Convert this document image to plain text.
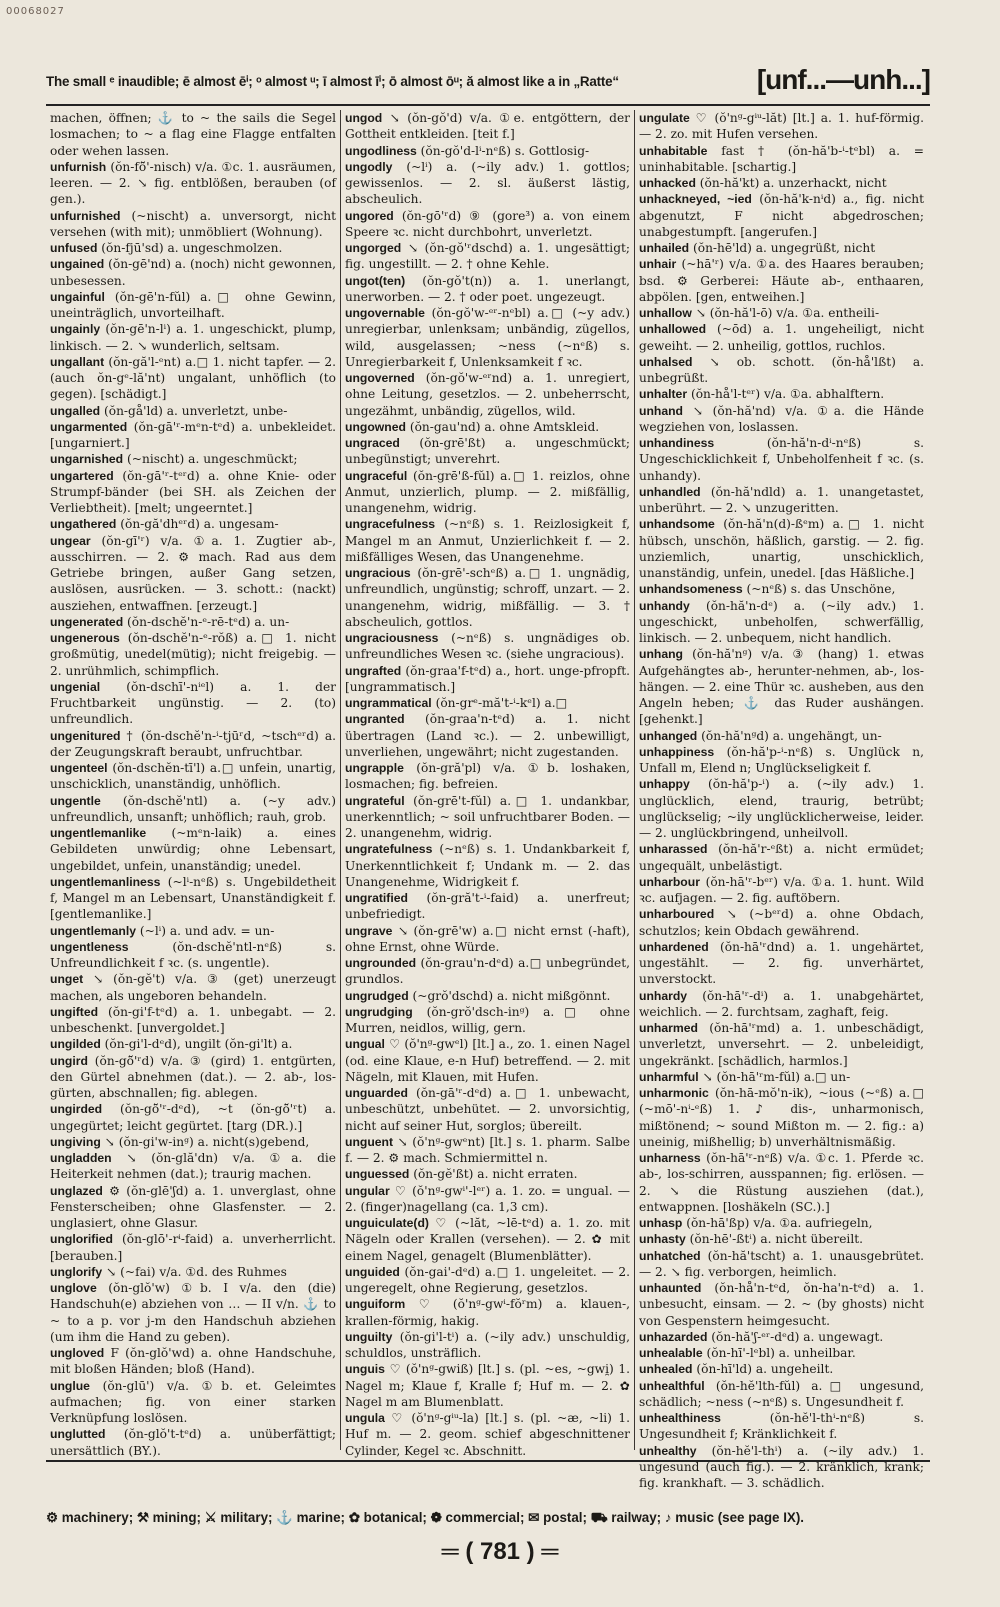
00068027
The small ᵉ inaudible; ē almost ēⁱ; ᵒ almost ᵘ; ī almost īⁱ; ō almost ōᵘ; ă almost like a in „Ratte“	[unf...—unh...]

machen, öffnen; ⚓ to ~ the sails die Segel losmachen; to ~ a flag eine Flagge entfalten oder wehen lassen.

unfurnish (ŏn-fö̆'-nisch) v/a. ①c. 1. ausräumen, leeren. — 2. ↘ fig. entblößen, berauben (of gen.).

unfurnished (~nischt) a. unversorgt, nicht versehen (with mit); unmöbliert (Wohnung).

unfused (ŏn-fjū'sd) a. ungeschmolzen.

ungained (ŏn-gē'nd) a. (noch) nicht gewonnen, unbesessen.

ungainful (ŏn-gē'n-fŭl) a.□ ohne Gewinn, uneinträglich, unvorteilhaft.

ungainly (ŏn-gē'n-lⁱ) a. 1. ungeschickt, plump, linkisch. — 2. ↘ wunderlich, seltsam.

ungallant (ŏn-gă'l-ᵉnt) a.□ 1. nicht tapfer. — 2. (auch ŏn-gᵉ-lă'nt) ungalant, unhöflich (to gegen). [schädigt.]

ungalled (ŏn-gå'ld) a. unverletzt, unbe-

ungarmented (ŏn-gā'ʳ-mᵉn-tᵉd) a. unbekleidet. [ungarniert.]

ungarnished (~nischt) a. ungeschmückt;

ungartered (ŏn-gā'ʳ-tᵉʳd) a. ohne Knie- oder Strumpf-bänder (bei SH. als Zeichen der Verliebtheit). [melt; ungeerntet.]

ungathered (ŏn-gă'dhᵉʳd) a. ungesam-

ungear (ŏn-gī'ʳ) v/a. ①a. 1. Zugtier ab-, ausschirren. — 2. ⚙ mach. Rad aus dem Getriebe bringen, außer Gang setzen, auslösen, ausrücken. — 3. schott.: (nackt) ausziehen, entwaffnen. [erzeugt.]

ungenerated (ŏn-dschĕ'n-ᵉ-rē-tᵉd) a. un-

ungenerous (ŏn-dschĕ'n-ᵉ-rŏß) a.□ 1. nicht großmütig, unedel(mütig); nicht freigebig. — 2. unrühmlich, schimpflich.

ungenial (ŏn-dschī'-nⁱᵉl) a. 1. der Fruchtbarkeit ungünstig. — 2. (to) unfreundlich.

ungenitured † (ŏn-dschĕ'n-ⁱ-tjūʳd, ~tschᵉʳd) a. der Zeugungskraft beraubt, unfruchtbar.

ungenteel (ŏn-dschĕn-tī'l) a.□ unfein, unartig, unschicklich, unanständig, unhöflich.

ungentle (ŏn-dschĕ'ntl) a. (~y adv.) unfreundlich, unsanft; unhöflich; rauh, grob.

ungentlemanlike (~mᵉn-laik) a. eines Gebildeten unwürdig; ohne Lebensart, ungebildet, unfein, unanständig; unedel.

ungentlemanliness (~lⁱ-nᵉß) s. Ungebildetheit f, Mangel m an Lebensart, Unanständigkeit f. [gentlemanlike.]

ungentlemanly (~lⁱ) a. und adv. = un-

ungentleness	(ŏn-dschĕ'ntl-nᵉß) s. Unfreundlichkeit f ꝛc. (s. ungentle).

unget ↘ (ŏn-gĕ't) v/a. ③ (get) unerzeugt machen, als ungeboren behandeln.

ungifted (ŏn-gi'f-tᵉd) a. 1. unbegabt. — 2. unbeschenkt. [unvergoldet.]

ungilded (ŏn-gi'l-dᵉd), ungilt (ŏn-gi'lt) a.

ungird (ŏn-gö̆'ʳd) v/a. ③ (gird) 1. entgürten, den Gürtel abnehmen (dat.). — 2. ab-, los-gürten, abschnallen; fig. ablegen.

ungirded (ŏn-gö̆'ʳ-dᵉd), ~t (ŏn-gö̆'ʳt) a. ungegürtet; leicht gegürtet. [targ (DR.).]

ungiving ↘ (ŏn-gi'w-inᵍ) a. nicht(s)gebend,

ungladden ↘ (ŏn-glă'dn) v/a. ①a. die Heiterkeit nehmen (dat.); traurig machen.

unglazed ⚙ (ŏn-glē'ʃd) a. 1. unverglast, ohne Fensterscheiben; ohne Glasfenster. — 2. unglasiert, ohne Glasur.

unglorified (ŏn-glō'-rⁱ-faid) a. unverherrlicht. [berauben.]

unglorify ↘ (~fai) v/a. ①d. des Ruhmes

unglove (ŏn-glŏ'w) ①b. I v/a. den (die) Handschuh(e) abziehen von … — II v/n. ⚓ to ~ to a p. vor j-m den Handschuh abziehen (um ihm die Hand zu geben).

ungloved F (ŏn-glŏ'wd) a. ohne Handschuhe, mit bloßen Händen; bloß (Hand).

unglue (ŏn-glū') v/a. ①b. et. Geleimtes aufmachen; fig. von einer starken Verknüpfung loslösen.

unglutted (ŏn-glŏ't-tᵉd) a. unüberfättigt; unersättlich (BY.).

ungod ↘ (ŏn-gŏ'd) v/a. ①e. entgöttern, der Gottheit entkleiden. [teit f.]

ungodliness (ŏn-gŏ'd-lⁱ-nᵉß) s. Gottlosig-

ungodly (~lⁱ) a. (~ily adv.) 1. gottlos; gewissenlos. — 2. sl. äußerst lästig, abscheulich.

ungored (ŏn-gō'ʳd) ⑨ (gore³) a. von einem Speere ꝛc. nicht durchbohrt, unverletzt.

ungorged ↘ (ŏn-gŏ'ʳdschd) a. 1. ungesättigt; fig. ungestillt. — 2. † ohne Kehle.

ungot(ten) (ŏn-gŏ't(n)) a. 1. unerlangt, unerworben. — 2. † oder poet. ungezeugt.

ungovernable (ŏn-gŏ'w-ᵉʳ-nᵉbl) a.□ (~y adv.) unregierbar, unlenksam; unbändig, zügellos, wild, ausgelassen; ~ness (~nᵉß) s. Unregierbarkeit f, Unlenksamkeit f ꝛc.

ungoverned (ŏn-gŏ'w-ᵉʳnd) a. 1. unregiert, ohne Leitung, gesetzlos. — 2. unbeherrscht, ungezähmt, unbändig, zügellos, wild.

ungowned (ŏn-gau'nd) a. ohne Amtskleid.

ungraced (ŏn-grē'ßt) a. ungeschmückt; unbegünstigt; unverehrt.

ungraceful (ŏn-grē'ß-fŭl) a.□ 1. reizlos, ohne Anmut, unzierlich, plump. — 2. mißfällig, unangenehm, widrig.

ungracefulness (~nᵉß) s. 1. Reizlosigkeit f, Mangel m an Anmut, Unzierlichkeit f. — 2. mißfälliges Wesen, das Unangenehme.

ungracious (ŏn-grē'-schᵉß) a.□ 1. ungnädig, unfreundlich, ungünstig; schroff, unzart. — 2. unangenehm, widrig, mißfällig. — 3. † abscheulich, gottlos.

ungraciousness (~nᵉß) s. ungnädiges ob. unfreundliches Wesen ꝛc. (siehe ungracious).

ungrafted (ŏn-graa'f-tᵉd) a., hort. unge-pfropft. [ungrammatisch.]

ungrammatical (ŏn-grᵉ-mă't-ⁱ-kᵉl) a.□

ungranted (ŏn-graa'n-tᵉd) a. 1. nicht übertragen (Land ꝛc.). — 2. unbewilligt, unverliehen, ungewährt; nicht zugestanden.

ungrapple (ŏn-gră'pl) v/a. ①b. loshaken, losmachen; fig. befreien.

ungrateful (ŏn-grē't-fŭl) a.□ 1. undankbar, unerkenntlich; ~ soil unfruchtbarer Boden. — 2. unangenehm, widrig.

ungratefulness (~nᵉß) s. 1. Undankbarkeit f, Unerkenntlichkeit f; Undank m. — 2. das Unangenehme, Widrigkeit f.

ungratified (ŏn-gră't-ⁱ-faid) a. unerfreut; unbefriedigt.

ungrave ↘ (ŏn-grē'w) a.□ nicht ernst (-haft), ohne Ernst, ohne Würde.

ungrounded (ŏn-grau'n-dᵉd) a.□ unbegründet, grundlos.

ungrudged (~grŏ'dschd) a. nicht mißgönnt.

ungrudging (ŏn-grŏ'dsch-inᵍ) a.□ ohne Murren, neidlos, willig, gern.

ungual ♡ (ŏ'nᵍ-gwᵉl) [lt.] a., zo. 1. einen Nagel (od. eine Klaue, e-n Huf) betreffend. — 2. mit Nägeln, mit Klauen, mit Hufen.

unguarded (ŏn-gā'ʳ-dᵉd) a.□ 1. unbewacht, unbeschützt, unbehütet. — 2. unvorsichtig, nicht auf seiner Hut, sorglos; übereilt.

unguent ↘ (ŏ'nᵍ-gwᵉnt) [lt.] s. 1. pharm. Salbe f. — 2. ⚙ mach. Schmiermittel n.

unguessed (ŏn-gĕ'ßt) a. nicht erraten.

ungular ♡ (ŏ'nᵍ-gwⁱ'-lᵉʳ) a. 1. zo. = ungual. — 2. (finger)nagellang (ca. 1,3 cm).

unguiculate(d) ♡ (~lăt, ~lē-tᵉd) a. 1. zo. mit Nägeln oder Krallen (versehen). — 2. ✿ mit einem Nagel, genagelt (Blumenblätter).

unguided (ŏn-gai'-dᵉd) a.□ 1. ungeleitet. — 2. ungeregelt, ohne Regierung, gesetzlos.

unguiform ♡ (ŏ'nᵍ-gwⁱ-fŏʳm) a. klauen-, krallen-förmig, hakig.

unguilty (ŏn-gi'l-tⁱ) a. (~ily adv.) unschuldig, schuldlos, unsträflich.

unguis ♡ (ŏ'nᵍ-gwiß) [lt.] s. (pl. ~es, ~gwi̯) 1. Nagel m; Klaue f, Kralle f; Huf m. — 2. ✿ Nagel m am Blumenblatt.

ungula ♡ (ŏ'nᵍ-gⁱᵘ-la) [lt.] s. (pl. ~æ, ~li) 1. Huf m. — 2. geom. schief abgeschnittener Cylinder, Kegel ꝛc. Abschnitt.

ungulate ♡ (ŏ'nᵍ-gⁱᵘ-lăt) [lt.] a. 1. huf-förmig. — 2. zo. mit Hufen versehen.

unhabitable fast † (ŏn-hă'b-ⁱ-tᵉbl) a. = uninhabitable. [schartig.]

unhacked (ŏn-hă'kt) a. unzerhackt, nicht

unhackneyed, ~ied (ŏn-hă'k-nⁱd) a., fig. nicht abgenutzt, F nicht abgedroschen; unabgestumpft. [angerufen.]

unhailed (ŏn-hē'ld) a. ungegrüßt, nicht

unhair (~hā'ʳ) v/a. ①a. des Haares berauben; bsd. ⚙ Gerberei: Häute ab-, enthaaren, abpölen. [gen, entweihen.]

unhallow ↘ (ŏn-hă'l-ō) v/a. ①a. entheili-

unhallowed (~ōd) a. 1. ungeheiligt, nicht geweiht. — 2. unheilig, gottlos, ruchlos.

unhalsed ↘ ob. schott. (ŏn-hå'lßt) a. unbegrüßt.

unhalter (ŏn-hå'l-tᵉʳ) v/a. ①a. abhalftern.

unhand ↘ (ŏn-hă'nd) v/a. ①a. die Hände wegziehen von, loslassen.

unhandiness	(ŏn-hă'n-dⁱ-nᵉß) s. Ungeschicklichkeit f, Unbeholfenheit f ꝛc. (s. unhandy).

unhandled (ŏn-hă'ndld) a. 1. unangetastet, unberührt. — 2. ↘ unzugeritten.

unhandsome (ŏn-hă'n(d)-ßᵉm) a.□ 1. nicht hübsch, unschön, häßlich, garstig. — 2. fig. unziemlich, unartig, unschicklich, unanständig, unfein, unedel. [das Häßliche.]

unhandsomeness (~nᵉß) s. das Unschöne,

unhandy (ŏn-hă'n-dᵉ) a. (~ily adv.) 1. ungeschickt, unbeholfen, schwerfällig, linkisch. — 2. unbequem, nicht handlich.

unhang (ŏn-hă'nᵍ) v/a. ③ (hang) 1. etwas Aufgehängtes ab-, herunter-nehmen, ab-, los-hängen. — 2. eine Thür ꝛc. ausheben, aus den Angeln heben; ⚓ das Ruder aushängen. [gehenkt.]

unhanged (ŏn-hă'nᵍd) a. ungehängt, un-

unhappiness (ŏn-hă'p-ⁱ-nᵉß) s. Unglück n, Unfall m, Elend n; Unglückseligkeit f.

unhappy (ŏn-hă'p-ⁱ) a. (~ily adv.) 1. unglücklich, elend, traurig, betrübt; unglückselig; ~ily unglücklicherweise, leider. — 2. unglückbringend, unheilvoll.

unharassed (ŏn-hă'r-ᵉßt) a. nicht ermüdet; ungequält, unbelästigt.

unharbour (ŏn-hā'ʳ-bᵉʳ) v/a. ①a. 1. hunt. Wild ꝛc. aufjagen. — 2. fig. auftöbern.

unharboured ↘ (~bᵉʳd) a. ohne Obdach, schutzlos; kein Obdach gewährend.

unhardened (ŏn-hā'ʳdnd) a. 1. ungehärtet, ungestählt. — 2. fig. unverhärtet, unverstockt.

unhardy (ŏn-hā'ʳ-dⁱ) a. 1. unabgehärtet, weichlich. — 2. furchtsam, zaghaft, feig.

unharmed (ŏn-hā'ʳmd) a. 1. unbeschädigt, unverletzt, unversehrt. — 2. unbeleidigt, ungekränkt. [schädlich, harmlos.]

unharmful ↘ (ŏn-hā'ʳm-fŭl) a.□ un-

unharmonic (ŏn-hā-mŏ'n-ik), ~ious (~ᵉß) a.□ (~mō'-nⁱ-ᵉß) 1. ♪ dis-, unharmonisch, mißtönend; ~ sound Mißton m. — 2. fig.: a) uneinig, mißhellig; b) unverhältnismäßig.

unharness (ŏn-hā'ʳ-nᵉß) v/a. ①c. 1. Pferde ꝛc. ab-, los-schirren, ausspannen; fig. erlösen. — 2. ↘ die Rüstung ausziehen (dat.), entwappnen. [loshäkeln (SC.).]

unhasp (ŏn-hā'ßp) v/a. ①a. aufriegeln,

unhasty (ŏn-hē'-ßtⁱ) a. nicht übereilt.

unhatched (ŏn-hă'tscht) a. 1. unausgebrütet. — 2. ↘ fig. verborgen, heimlich.

unhaunted (ŏn-hå'n-tᵉd, ŏn-ha'n-tᵉd) a. 1. unbesucht, einsam. — 2. ~ (by ghosts) nicht von Gespenstern heimgesucht.

unhazarded (ŏn-hă'ʃ-ᵉʳ-dᵉd) a. ungewagt.

unhealable (ŏn-hī'-lᵉbl) a. unheilbar.

unhealed (ŏn-hī'ld) a. ungeheilt.

unhealthful (ŏn-hĕ'lth-fŭl) a.□ ungesund, schädlich; ~ness (~nᵉß) s. Ungesundheit f.

unhealthiness	(ŏn-hĕ'l-thⁱ-nᵉß) s. Ungesundheit f; Kränklichkeit f.

unhealthy (ŏn-hĕ'l-thⁱ) a. (~ily adv.) 1. ungesund (auch fig.). — 2. kränklich, krank; fig. krankhaft. — 3. schädlich.

⚙ machinery; ⚒ mining; ⚔ military; ⚓ marine; ✿ botanical; ❁ commercial; ✉ postal; ⛟ railway; ♪ music (see page IX).
═ ( 781 ) ═
